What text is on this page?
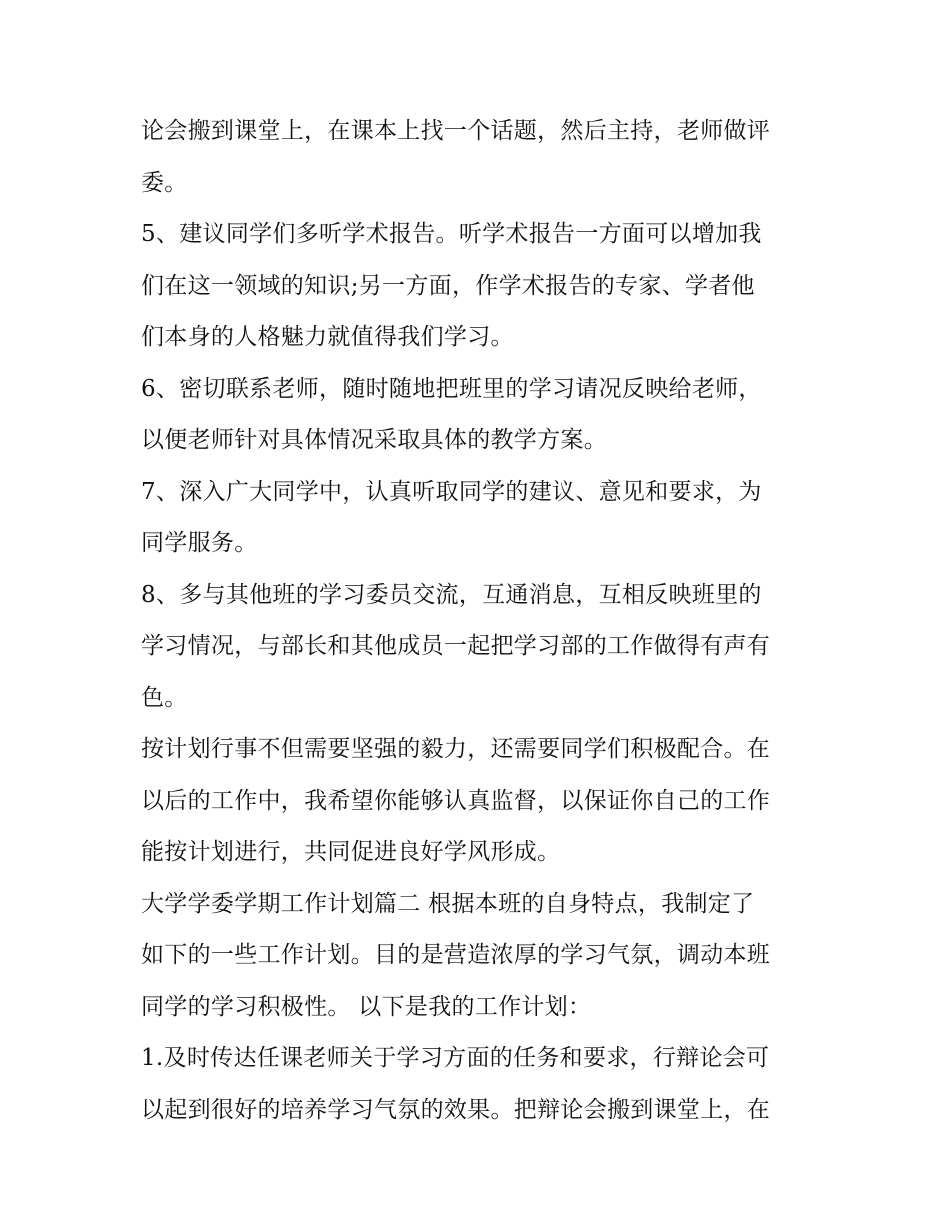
论会搬到课堂上，在课本上找一个话题，然后主持，老师做评
委。
5、建议同学们多听学术报告。听学术报告一方面可以增加我
们在这一领域的知识;另一方面，作学术报告的专家、学者他
们本身的人格魅力就值得我们学习。
6、密切联系老师，随时随地把班里的学习请况反映给老师，
以便老师针对具体情况采取具体的教学方案。
7、深入广大同学中，认真听取同学的建议、意见和要求，为
同学服务。
8、多与其他班的学习委员交流，互通消息，互相反映班里的
学习情况，与部长和其他成员一起把学习部的工作做得有声有
色。
按计划行事不但需要坚强的毅力，还需要同学们积极配合。在
以后的工作中，我希望你能够认真监督，以保证你自己的工作
能按计划进行，共同促进良好学风形成。
大学学委学期工作计划篇二 根据本班的自身特点，我制定了
如下的一些工作计划。目的是营造浓厚的学习气氛，调动本班
同学的学习积极性。 以下是我的工作计划：
1.及时传达任课老师关于学习方面的任务和要求，行辩论会可
以起到很好的培养学习气氛的效果。把辩论会搬到课堂上，在
